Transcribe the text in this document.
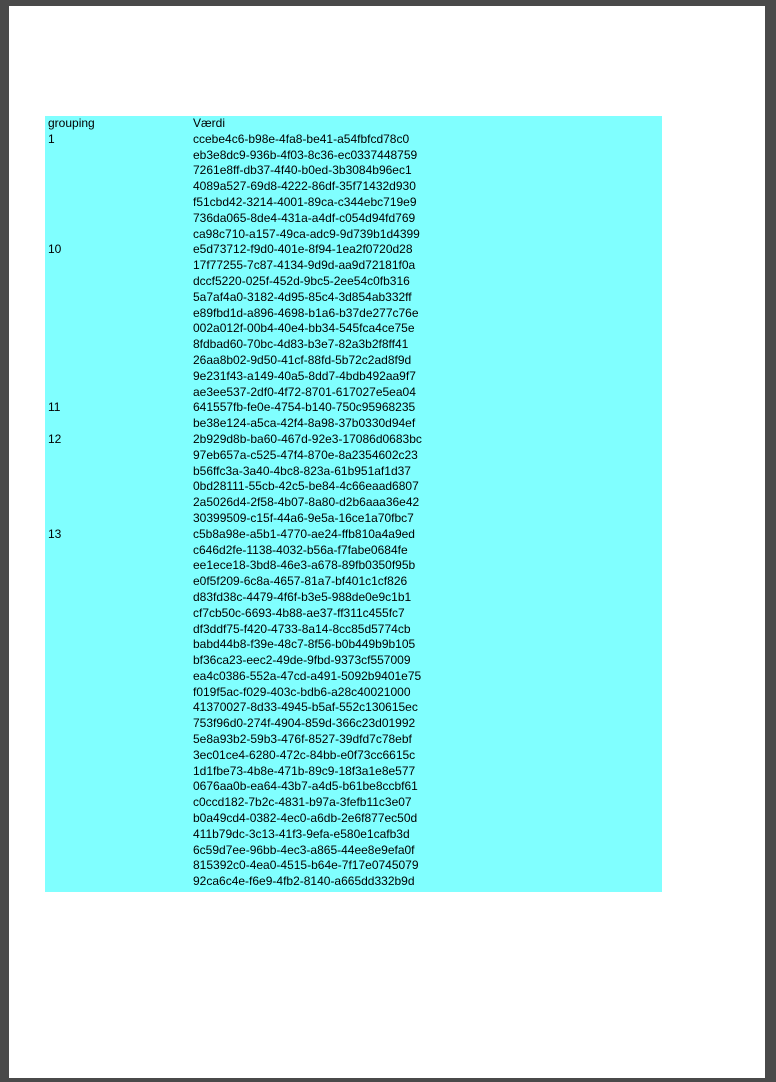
grouping	Værdi
1	ccebe4c6-b98e-4fa8-be41-a54fbfcd78c0
eb3e8dc9-936b-4f03-8c36-ec0337448759
7261e8ff-db37-4f40-b0ed-3b3084b96ec1
4089a527-69d8-4222-86df-35f71432d930
f51cbd42-3214-4001-89ca-c344ebc719e9
736da065-8de4-431a-a4df-c054d94fd769
ca98c710-a157-49ca-adc9-9d739b1d4399
10	e5d73712-f9d0-401e-8f94-1ea2f0720d28
17f77255-7c87-4134-9d9d-aa9d72181f0a
dccf5220-025f-452d-9bc5-2ee54c0fb316
5a7af4a0-3182-4d95-85c4-3d854ab332ff
e89fbd1d-a896-4698-b1a6-b37de277c76e
002a012f-00b4-40e4-bb34-545fca4ce75e
8fdbad60-70bc-4d83-b3e7-82a3b2f8ff41
26aa8b02-9d50-41cf-88fd-5b72c2ad8f9d
9e231f43-a149-40a5-8dd7-4bdb492aa9f7
ae3ee537-2df0-4f72-8701-617027e5ea04
11	641557fb-fe0e-4754-b140-750c95968235
be38e124-a5ca-42f4-8a98-37b0330d94ef
12	2b929d8b-ba60-467d-92e3-17086d0683bc
97eb657a-c525-47f4-870e-8a2354602c23
b56ffc3a-3a40-4bc8-823a-61b951af1d37
0bd28111-55cb-42c5-be84-4c66eaad6807
2a5026d4-2f58-4b07-8a80-d2b6aaa36e42
30399509-c15f-44a6-9e5a-16ce1a70fbc7
13	c5b8a98e-a5b1-4770-ae24-ffb810a4a9ed
c646d2fe-1138-4032-b56a-f7fabe0684fe
ee1ece18-3bd8-46e3-a678-89fb0350f95b
e0f5f209-6c8a-4657-81a7-bf401c1cf826
d83fd38c-4479-4f6f-b3e5-988de0e9c1b1
cf7cb50c-6693-4b88-ae37-ff311c455fc7
df3ddf75-f420-4733-8a14-8cc85d5774cb
babd44b8-f39e-48c7-8f56-b0b449b9b105
bf36ca23-eec2-49de-9fbd-9373cf557009
ea4c0386-552a-47cd-a491-5092b9401e75
f019f5ac-f029-403c-bdb6-a28c40021000
41370027-8d33-4945-b5af-552c130615ec
753f96d0-274f-4904-859d-366c23d01992
5e8a93b2-59b3-476f-8527-39dfd7c78ebf
3ec01ce4-6280-472c-84bb-e0f73cc6615c
1d1fbe73-4b8e-471b-89c9-18f3a1e8e577
0676aa0b-ea64-43b7-a4d5-b61be8ccbf61
c0ccd182-7b2c-4831-b97a-3fefb11c3e07
b0a49cd4-0382-4ec0-a6db-2e6f877ec50d
411b79dc-3c13-41f3-9efa-e580e1cafb3d
6c59d7ee-96bb-4ec3-a865-44ee8e9efa0f
815392c0-4ea0-4515-b64e-7f17e0745079
92ca6c4e-f6e9-4fb2-8140-a665dd332b9d
